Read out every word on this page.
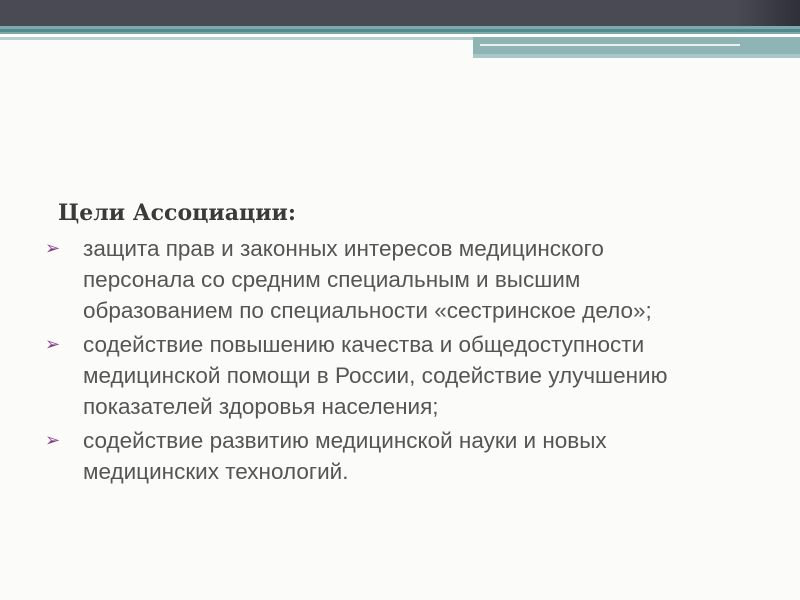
Цели Ассоциации:
➢ защита прав и законных интересов медицинского персонала со средним специальным и высшим образованием по специальности «сестринское дело»;
➢ содействие повышению качества и общедоступности медицинской помощи в России, содействие улучшению показателей здоровья населения;
➢ содействие развитию медицинской науки и новых медицинских технологий.
